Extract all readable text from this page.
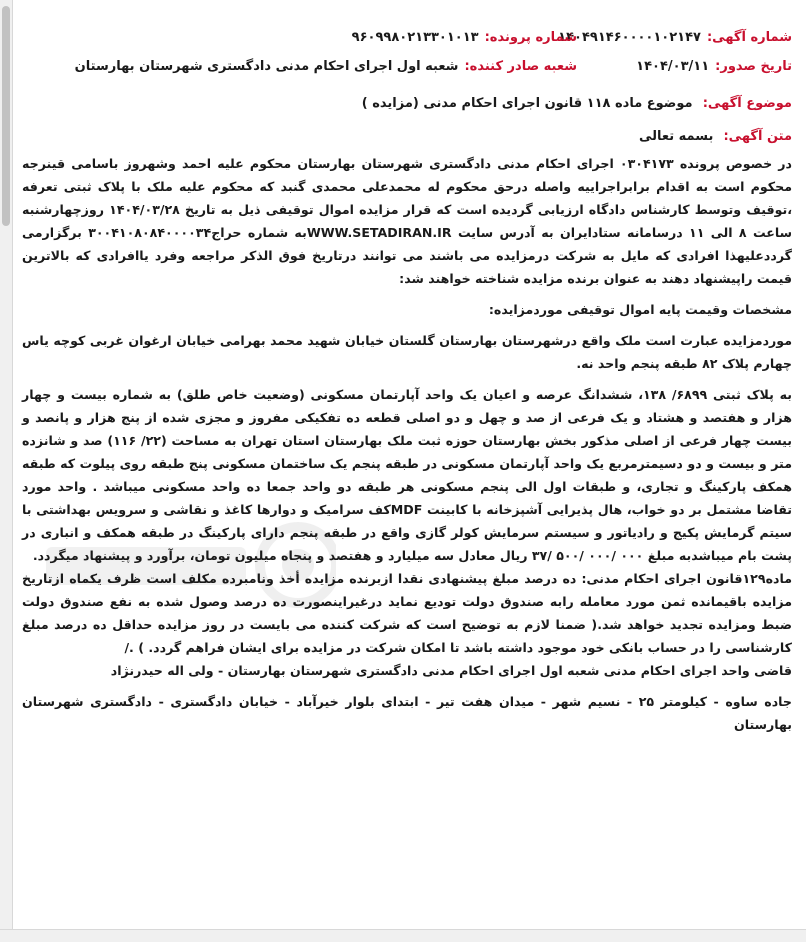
شماره آگهی:
۱۴۰۴۹۱۴۶۰۰۰۰۱۰۲۱۴۷
شماره پرونده:
۹۶۰۹۹۸۰۲۱۳۳۰۱۰۱۳
تاریخ صدور:
۱۴۰۴/۰۳/۱۱
شعبه صادر کننده:
شعبه اول اجرای احکام مدنی دادگستری شهرستان بهارستان
موضوع آگهی: موضوع ماده ۱۱۸ قانون اجرای احکام مدنی (مزایده )
متن آگهی: بسمه تعالی

در خصوص پرونده ۰۳۰۴۱۷۳ اجرای احکام مدنی دادگستری شهرستان بهارستان محکوم علیه احمد وشهروز باسامی قینرجه محکوم است به اقدام برابراجراییه واصله درحق محکوم له محمدعلی محمدی گنبد که محکوم علیه ملک با پلاک ثبتی تعرفه ،توقیف وتوسط کارشناس دادگاه ارزیابی گردیده است که قرار مزایده اموال توقیفی ذیل به تاریخ ۱۴۰۴/۰۳/۲۸ روزچهارشنبه ساعت ۸ الی ۱۱ درسامانه ستادایران به آدرس سایت WWW.SETADIRAN.IRبه شماره حراج۳۰۰۴۱۰۸۰۸۴۰۰۰۰۳۴ برگزارمی گرددعلیهذا افرادی که مایل به شرکت درمزایده می باشند می توانند درتاریخ فوق الذکر مراجعه وفرد یاافرادی که بالاترین قیمت راپیشنهاد دهند به عنوان برنده مزایده شناخته خواهند شد:

مشخصات وقیمت پایه اموال توقیفی موردمزایده:

موردمزایده عبارت است ملک واقع درشهرستان بهارستان گلستان خیابان شهید محمد بهرامی خیابان ارغوان غربی کوچه یاس چهارم پلاک ۸۲ طبقه پنجم واحد نه.

به پلاک ثبتی ۶۸۹۹/ ۱۳۸، ششدانگ عرصه و اعیان یک واحد آپارتمان مسکونی (وضعیت خاص طلق) به شماره بیست و چهار هزار و هفتصد و هشتاد و یک فرعی از صد و چهل و دو اصلی قطعه ده تفکیکی مفروز و مجزی شده از پنج هزار و پانصد و بیست چهار فرعی از اصلی مذکور بخش بهارستان حوزه ثبت ملک بهارستان استان تهران به مساحت (۲۲/ ۱۱۶) صد و شانزده متر و بیست و دو دسیمترمربع یک واحد آپارتمان مسکونی در طبقه پنجم یک ساختمان مسکونی پنج طبقه روی پیلوت که طبقه همکف پارکینگ و تجاری، و طبقات اول الی پنجم مسکونی هر طبقه دو واحد جمعا ده واحد مسکونی میباشد . واحد مورد تقاضا مشتمل بر دو خواب، هال پذیرایی آشپزخانه با کابینت MDFکف سرامیک و دوارها کاغذ و نقاشی و سرویس بهداشتی با سیتم گرمایش پکیج و رادیاتور و سیستم سرمایش کولر گازی واقع در طبقه پنجم دارای پارکینگ در طبقه همکف و انباری در پشت بام میباشدبه مبلغ ۰۰۰ /۰۰۰ /۵۰۰ /۳۷ ریال معادل سه میلیارد و هفتصد و پنجاه میلیون تومان، برآورد و پیشنهاد میگردد.

ماده۱۲۹قانون اجرای احکام مدنی: ده درصد مبلغ پیشنهادی نقدا ازبرنده مزایده أخذ ونامبرده مکلف است ظرف یکماه ازتاریخ مزایده باقیمانده ثمن مورد معامله رابه صندوق دولت تودیع نماید درغیراینصورت ده درصد وصول شده به نفع صندوق دولت ضبط ومزایده تجدید خواهد شد.( ضمنا لازم به توضیح است که شرکت کننده می بایست در روز مزایده حداقل ده درصد مبلغ کارشناسی را در حساب بانکی خود موجود داشته باشد تا امکان شرکت در مزایده برای ایشان فراهم گردد. ) ./

قاضی واحد اجرای احکام مدنی شعبه اول اجرای احکام مدنی دادگستری شهرستان بهارستان - ولی اله حیدرنژاد

جاده ساوه - کیلومتر ۲۵ - نسیم شهر - میدان هفت تیر - ابتدای بلوار خیرآباد - خیابان دادگستری - دادگستری شهرستان بهارستان
